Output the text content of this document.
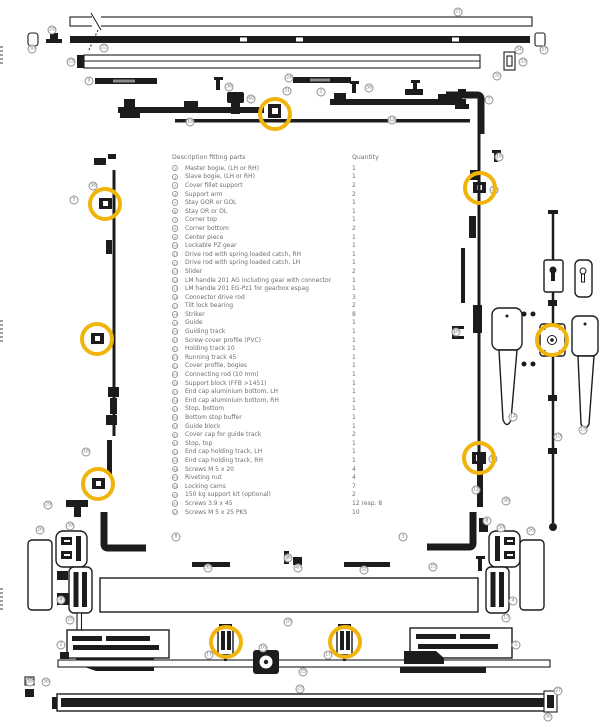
Description fitting parts	Quantity
1	Master bogie, (LH or RH)	1
2	Slave bogie, (LH or RH)	1
3	Cover fillet support	2
4	Support arm	2
5	Stay GOR or GOL	1
6	Stay OR or OL	1
7	Corner top	1
8	Corner bottom	2
9	Center piece	1
10 Lockable PZ gear	1
11 Drive rod with spring loaded catch, RH	1
12 Drive rod with spring loaded catch, LH	1
13 Slider	2
14 LM handle 201 AG including gear with connector	1
15 LM handle 201 EG-Pz1 for gearbox espag	1
16 Connector drive rod	3
17 Tilt lock bearing	2
18 Striker	8
19 Guide	1
20 Guiding track	1
21 Screw cover profile (PVC)	1
22 Holding track 10	1
23 Running track 45	1
24 Cover profile, bogies	1
25 Connecting rod (10 mm)	1
26 Support block (FFB >1451)	1
27 End cap aluminium bottom, LH	1
28 End cap aluminium bottom, RH	1
29 Stop, bottom	1
30 Bottom stop buffer	1
31 Guide block	1
32 Cover cap for guide track	2
33 Stop, top	1
34 End cap holding track, LH	1
35 End cap holding track, RH	1
36 Screws M 5 x 20	4
37 Riveting nut	4
38 Locking cams	7
39 150 kg support kit (optional)	2
40 Screws 3.9 x 45	12 resp. 8
41 Screws M 5 x 25 PKS	10
29
30
21
34	37
22
23
35
33
24
9
36
40
31	2
36
13
13
7
16
38
38
5
18
14
10
15
16
12
36
8
16
29
26
39
8
4
25
2
3
39
26
25
13
1
4
32
36
40	32
20
16
25
17	17
28	36
23	27
36
